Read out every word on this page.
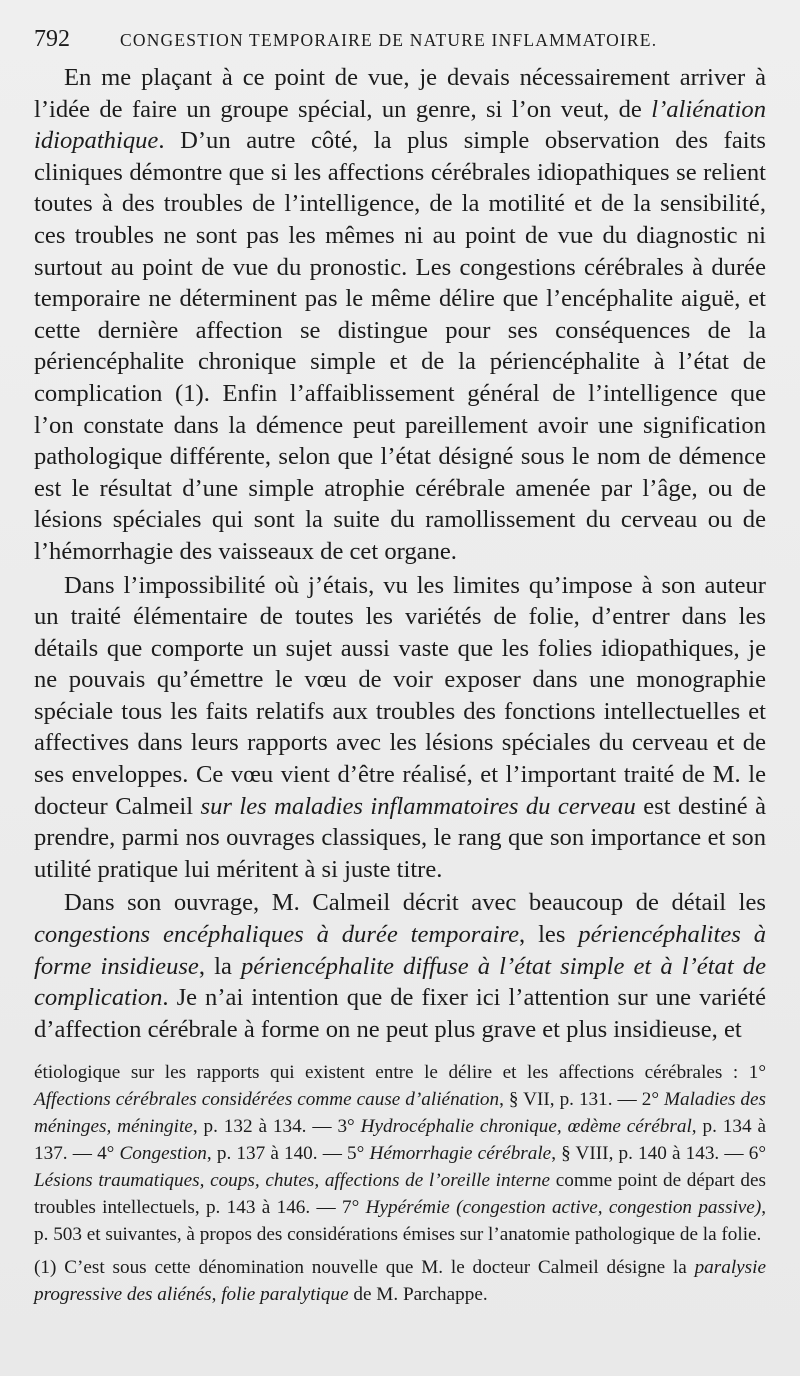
792	CONGESTION TEMPORAIRE DE NATURE INFLAMMATOIRE.

En me plaçant à ce point de vue, je devais nécessairement arriver à l’idée de faire un groupe spécial, un genre, si l’on veut, de l’aliénation idiopathique. D’un autre côté, la plus simple observation des faits cliniques démontre que si les affections cérébrales idiopathiques se relient toutes à des troubles de l’intelligence, de la motilité et de la sensibilité, ces troubles ne sont pas les mêmes ni au point de vue du diagnostic ni surtout au point de vue du pronostic. Les congestions cérébrales à durée temporaire ne déterminent pas le même délire que l’encéphalite aiguë, et cette dernière affection se distingue pour ses conséquences de la périencéphalite chronique simple et de la périencéphalite à l’état de complication (1). Enfin l’affaiblissement général de l’intelligence que l’on constate dans la démence peut pareillement avoir une signification pathologique différente, selon que l’état désigné sous le nom de démence est le résultat d’une simple atrophie cérébrale amenée par l’âge, ou de lésions spéciales qui sont la suite du ramollissement du cerveau ou de l’hémorrhagie des vaisseaux de cet organe.

Dans l’impossibilité où j’étais, vu les limites qu’impose à son auteur un traité élémentaire de toutes les variétés de folie, d’entrer dans les détails que comporte un sujet aussi vaste que les folies idiopathiques, je ne pouvais qu’émettre le vœu de voir exposer dans une monographie spéciale tous les faits relatifs aux troubles des fonctions intellectuelles et affectives dans leurs rapports avec les lésions spéciales du cerveau et de ses enveloppes. Ce vœu vient d’être réalisé, et l’important traité de M. le docteur Calmeil sur les maladies inflammatoires du cerveau est destiné à prendre, parmi nos ouvrages classiques, le rang que son importance et son utilité pratique lui méritent à si juste titre.

Dans son ouvrage, M. Calmeil décrit avec beaucoup de détail les congestions encéphaliques à durée temporaire, les périencéphalites à forme insidieuse, la périencéphalite diffuse à l’état simple et à l’état de complication. Je n’ai intention que de fixer ici l’attention sur une variété d’affection cérébrale à forme on ne peut plus grave et plus insidieuse, et

étiologique sur les rapports qui existent entre le délire et les affections cérébrales : 1° Affections cérébrales considérées comme cause d’aliénation, § VII, p. 131. — 2° Maladies des méninges, méningite, p. 132 à 134. — 3° Hydrocéphalie chronique, œdème cérébral, p. 134 à 137. — 4° Congestion, p. 137 à 140. — 5° Hémorrhagie cérébrale, § VIII, p. 140 à 143. — 6° Lésions traumatiques, coups, chutes, affections de l’oreille interne comme point de départ des troubles intellectuels, p. 143 à 146. — 7° Hypérémie (congestion active, congestion passive), p. 503 et suivantes, à propos des considérations émises sur l’anatomie pathologique de la folie.

(1) C’est sous cette dénomination nouvelle que M. le docteur Calmeil désigne la paralysie progressive des aliénés, folie paralytique de M. Parchappe.
